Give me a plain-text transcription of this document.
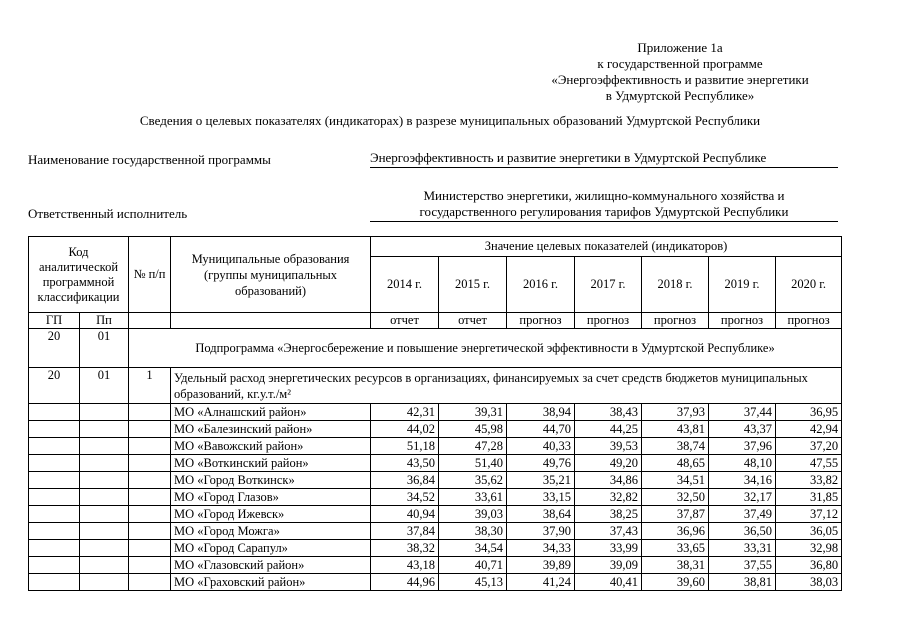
Приложение 1а
к государственной программе
«Энергоэффективность и развитие энергетики
в Удмуртской Республике»
Сведения о целевых показателях (индикаторах) в разрезе муниципальных образований Удмуртской Республики
Наименование государственной программы	Энергоэффективность и развитие энергетики в Удмуртской Республике
Ответственный исполнитель
Министерство энергетики, жилищно-коммунального хозяйства и
государственного регулирования тарифов Удмуртской Республики
Код аналитической программной классификации		№ п/п	Муниципальные образования (группы муниципальных образований)	Значение целевых показателей (индикаторов)						
				2014 г.	2015 г.	2016 г.	2017 г.	2018 г.	2019 г.	2020 г.
ГП	Пп			отчет	отчет	прогноз	прогноз	прогноз	прогноз	прогноз
20	01	Подпрограмма «Энергосбережение и повышение энергетической эффективности в Удмуртской Республике»								
20	01	1	Удельный расход энергетических ресурсов в организациях, финансируемых за счет средств бюджетов муниципальных образований, кг.у.т./м²							
			МО «Алнашский район»	42,31	39,31	38,94	38,43	37,93	37,44	36,95
			МО «Балезинский район»	44,02	45,98	44,70	44,25	43,81	43,37	42,94
			МО «Вавожский район»	51,18	47,28	40,33	39,53	38,74	37,96	37,20
			МО «Воткинский район»	43,50	51,40	49,76	49,20	48,65	48,10	47,55
			МО «Город Воткинск»	36,84	35,62	35,21	34,86	34,51	34,16	33,82
			МО «Город Глазов»	34,52	33,61	33,15	32,82	32,50	32,17	31,85
			МО «Город Ижевск»	40,94	39,03	38,64	38,25	37,87	37,49	37,12
			МО «Город Можга»	37,84	38,30	37,90	37,43	36,96	36,50	36,05
			МО «Город Сарапул»	38,32	34,54	34,33	33,99	33,65	33,31	32,98
			МО «Глазовский район»	43,18	40,71	39,89	39,09	38,31	37,55	36,80
			МО «Граховский район»	44,96	45,13	41,24	40,41	39,60	38,81	38,03
